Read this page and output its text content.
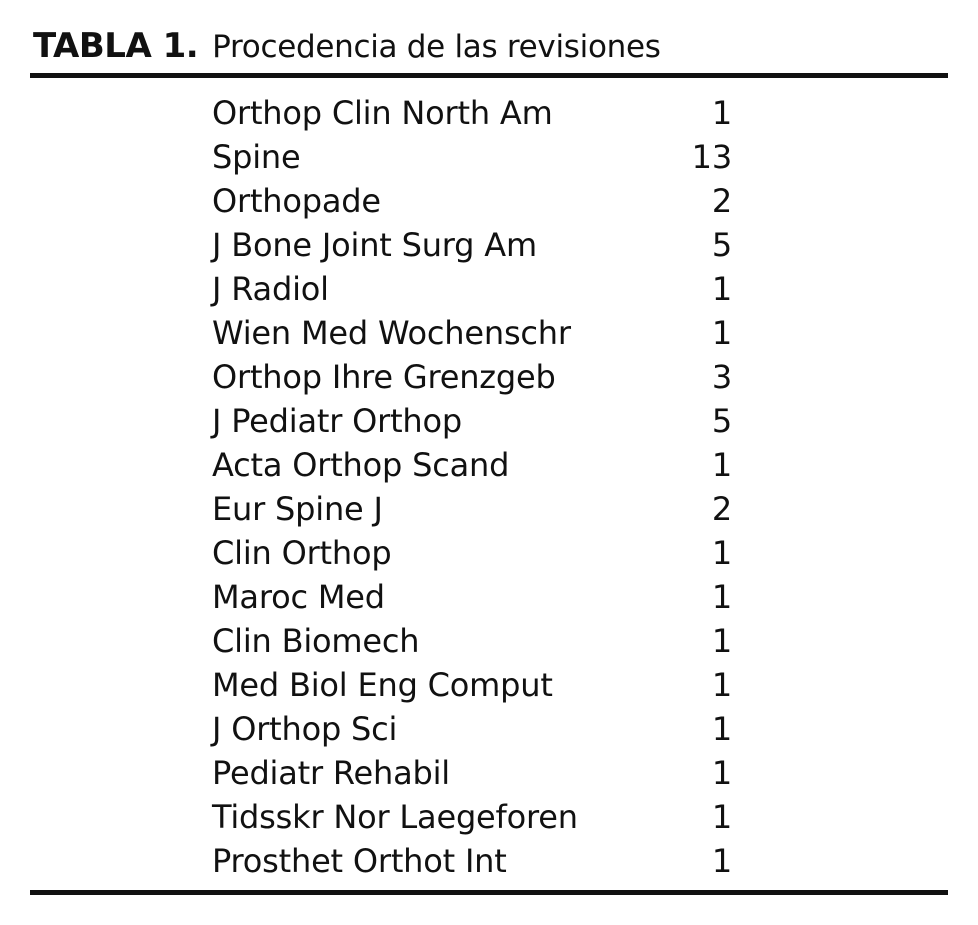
TABLA 1. Procedencia de las revisiones
Orthop Clin North Am	1
Spine	13
Orthopade	2
J Bone Joint Surg Am	5
J Radiol	1
Wien Med Wochenschr	1
Orthop Ihre Grenzgeb	3
J Pediatr Orthop	5
Acta Orthop Scand	1
Eur Spine J	2
Clin Orthop	1
Maroc Med	1
Clin Biomech	1
Med Biol Eng Comput	1
J Orthop Sci	1
Pediatr Rehabil	1
Tidsskr Nor Laegeforen	1
Prosthet Orthot Int	1
